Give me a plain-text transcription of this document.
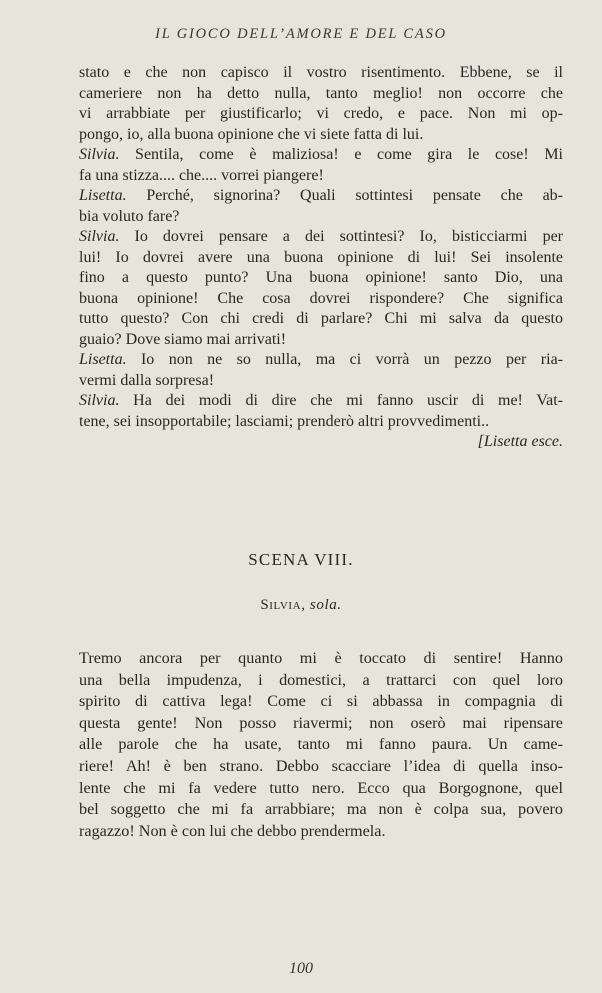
IL GIOCO DELL’AMORE E DEL CASO
stato e che non capisco il vostro risentimento. Ebbene, se il
cameriere non ha detto nulla, tanto meglio! non occorre che
vi arrabbiate per giustificarlo; vi credo, e pace. Non mi op-
pongo, io, alla buona opinione che vi siete fatta di lui.
Silvia. Sentila, come è maliziosa! e come gira le cose! Mi
fa una stizza.... che.... vorrei piangere!
Lisetta. Perché, signorina? Quali sottintesi pensate che ab-
bia voluto fare?
Silvia. Io dovrei pensare a dei sottintesi? Io, bisticciarmi per
lui! Io dovrei avere una buona opinione di lui! Sei insolente
fino a questo punto? Una buona opinione! santo Dio, una
buona opinione! Che cosa dovrei rispondere? Che significa
tutto questo? Con chi credi di parlare? Chi mi salva da questo
guaio? Dove siamo mai arrivati!
Lisetta. Io non ne so nulla, ma ci vorrà un pezzo per ria-
vermi dalla sorpresa!
Silvia. Ha dei modi di dire che mi fanno uscir di me! Vat-
tene, sei insopportabile; lasciami; prenderò altri provvedimenti..
[Lisetta esce.
SCENA VIII.
Silvia, sola.
Tremo ancora per quanto mi è toccato di sentire! Hanno
una bella impudenza, i domestici, a trattarci con quel loro
spirito di cattiva lega! Come ci si abbassa in compagnia di
questa gente! Non posso riavermi; non oserò mai ripensare
alle parole che ha usate, tanto mi fanno paura. Un came-
riere! Ah! è ben strano. Debbo scacciare l’idea di quella inso-
lente che mi fa vedere tutto nero. Ecco qua Borgognone, quel
bel soggetto che mi fa arrabbiare; ma non è colpa sua, povero
ragazzo! Non è con lui che debbo prendermela.
100
